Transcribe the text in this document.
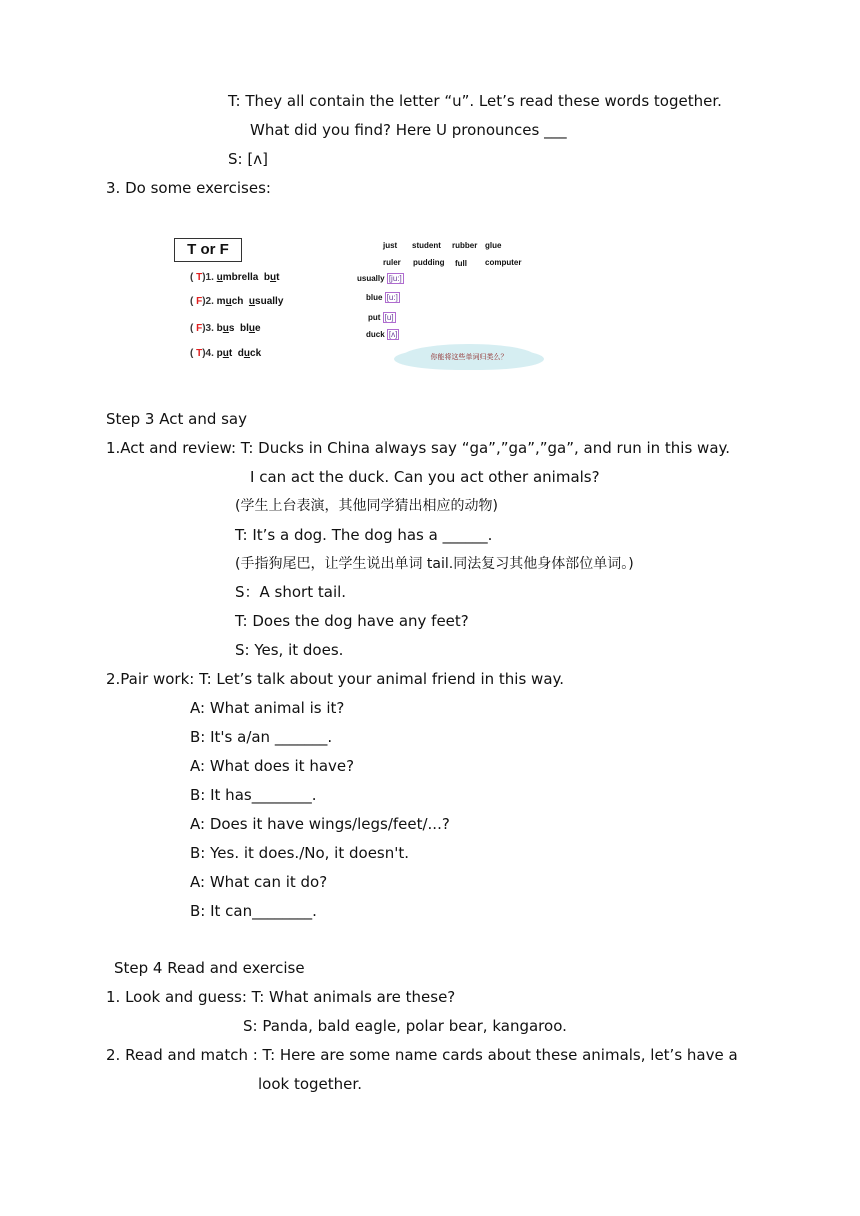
T: They all contain the letter “u”. Let’s read these words together.
What did you find? Here U pronounces ___
S: [ʌ]
3. Do some exercises:
T or F
( T)1. umbrella but
( F)2. much usually
( F)3. bus blue
( T)4. put duck
just student rubber glue
ruler pudding full computer
usually [ju:]
blue [u:]
put [u]
duck [ʌ]
你能将这些单词归类么？
Step 3 Act and say
1.Act and review: T: Ducks in China always say “ga”,”ga”,”ga”, and run in this way.
I can act the duck. Can you act other animals?
(学生上台表演，其他同学猜出相应的动物)
T: It’s a dog. The dog has a ______.
(手指狗尾巴，让学生说出单词 tail.同法复习其他身体部位单词。)
S：A short tail.
T: Does the dog have any feet?
S: Yes, it does.
2.Pair work: T: Let’s talk about your animal friend in this way.
A: What animal is it?
B: It's a/an _______.
A: What does it have?
B: It has________.
A: Does it have wings/legs/feet/...?
B: Yes. it does./No, it doesn't.
A: What can it do?
B: It can________.
Step 4 Read and exercise
1. Look and guess: T: What animals are these?
S: Panda, bald eagle, polar bear, kangaroo.
2. Read and match : T: Here are some name cards about these animals, let’s have a
look together.
